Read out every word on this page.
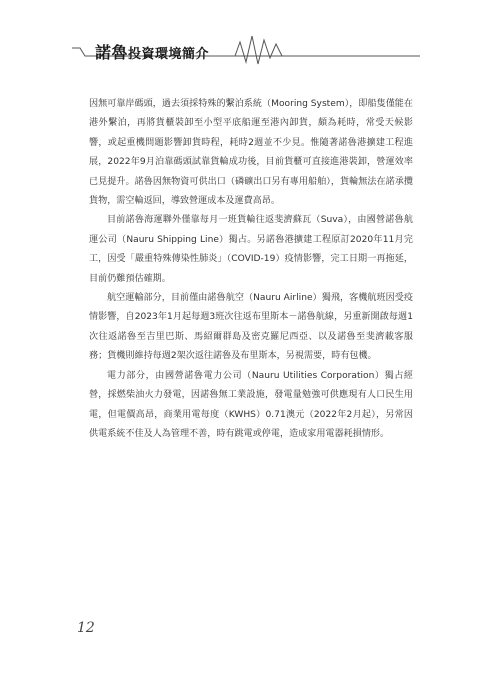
諾魯投資環境簡介

因無可靠岸碼頭，過去須採特殊的繫泊系統（Mooring System），即船隻僅能在港外繫泊，再將貨櫃裝卸至小型平底船運至港內卸貨，頗為耗時，常受天候影響，或起重機問題影響卸貨時程，耗時2週並不少見。惟隨著諾魯港擴建工程進展，2022年9月泊靠碼頭試靠貨輪成功後，目前貨櫃可直接進港裝卸，營運效率已見提升。諾魯因無物資可供出口（磷礦出口另有專用船舶），貨輪無法在諾承攬貨物，需空輪返回，導致營運成本及運費高昂。

目前諾魯海運聯外僅靠每月一班貨輪往返斐濟蘇瓦（Suva），由國營諾魯航運公司（Nauru Shipping Line）獨占。另諾魯港擴建工程原訂2020年11月完工，因受「嚴重特殊傳染性肺炎」（COVID-19）疫情影響，完工日期一再拖延，目前仍難預估確期。

航空運輸部分，目前僅由諾魯航空（Nauru Airline）獨飛，客機航班因受疫情影響，自2023年1月起每週3班次往返布里斯本－諾魯航線，另重新開啟每週1次往返諾魯至吉里巴斯、馬紹爾群島及密克羅尼西亞、以及諾魯至斐濟載客服務；貨機則維持每週2架次返往諾魯及布里斯本，另視需要，時有包機。

電力部分，由國營諾魯電力公司（Nauru Utilities Corporation）獨占經營，採燃柴油火力發電，因諾魯無工業設施，發電量勉強可供應現有人口民生用電，但電價高昂，商業用電每度（KWHS）0.71澳元（2022年2月起），另常因供電系統不佳及人為管理不善，時有跳電或停電，造成家用電器耗損情形。

12
